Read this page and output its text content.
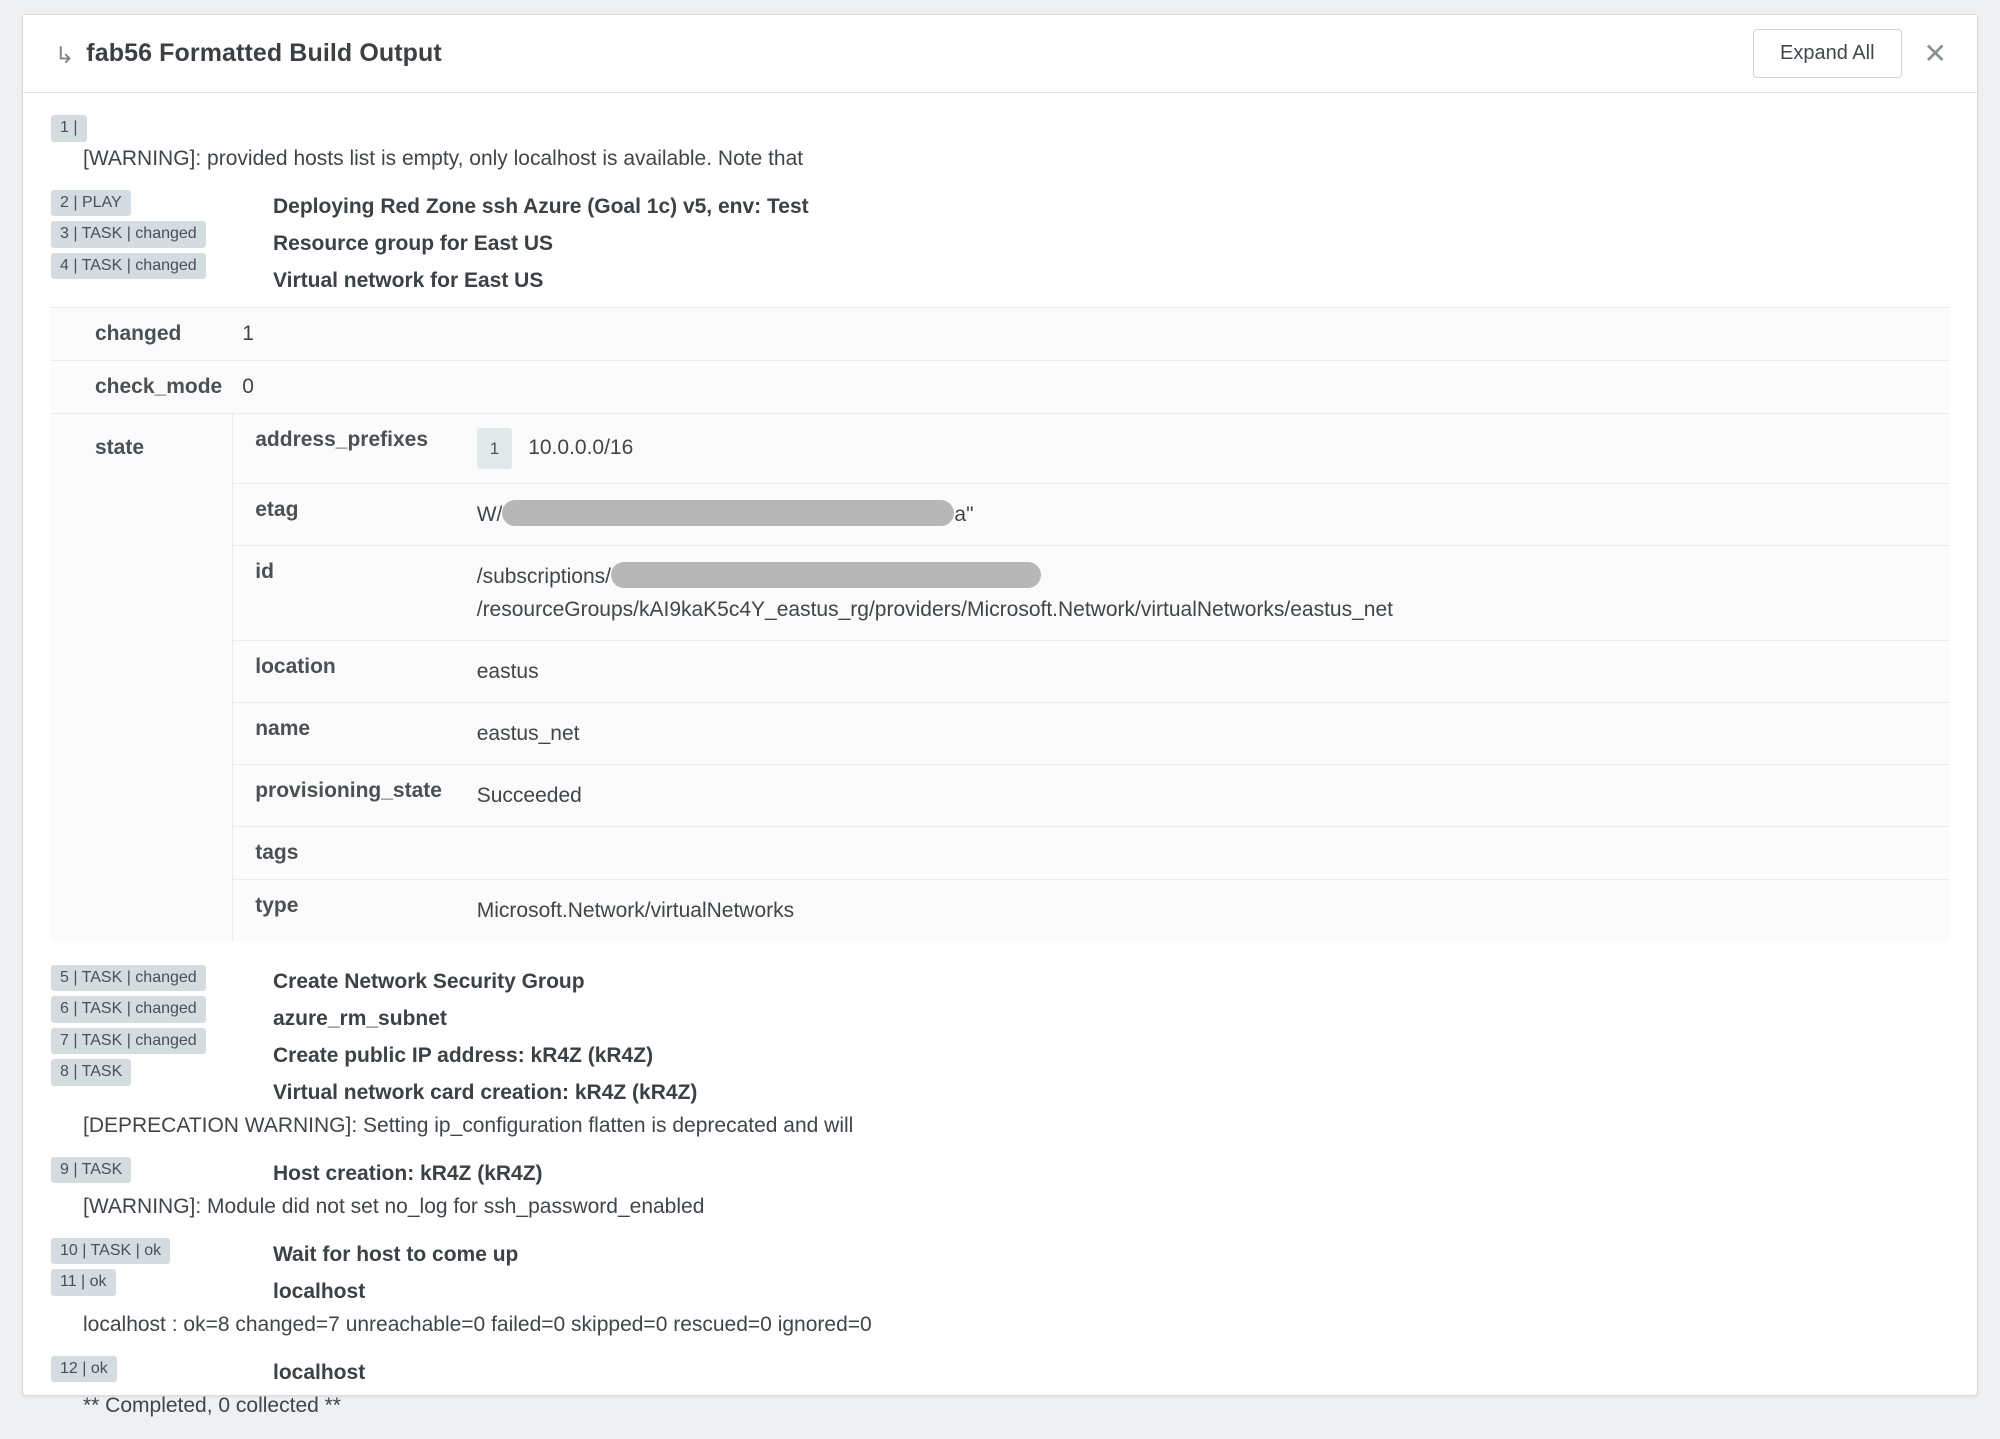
↳ fab56 Formatted Build Output	Expand All	✕
1 |
[WARNING]: provided hosts list is empty, only localhost is available. Note that
2 | PLAY
3 | TASK | changed
4 | TASK | changed
Deploying Red Zone ssh Azure (Goal 1c) v5, env: Test
Resource group for East US
Virtual network for East US
changed	1
check_mode	0
state		address_prefixes	1 10.0.0.0/16
etag	W/	a"
id	/subscriptions//resourceGroups/kAI9kaK5c4Y_eastus_rg/providers/Microsoft.Network/virtualNetworks/eastus_net
location	eastus
name	eastus_net
provisioning_state	Succeeded
tags	
type	Microsoft.Network/virtualNetworks
5 | TASK | changed
6 | TASK | changed
7 | TASK | changed
8 | TASK
Create Network Security Group
azure_rm_subnet
Create public IP address: kR4Z (kR4Z)
Virtual network card creation: kR4Z (kR4Z)
[DEPRECATION WARNING]: Setting ip_configuration flatten is deprecated and will
9 | TASK	Host creation: kR4Z (kR4Z)
[WARNING]: Module did not set no_log for ssh_password_enabled
10 | TASK | ok
11 | ok
Wait for host to come up
localhost
localhost : ok=8 changed=7 unreachable=0 failed=0 skipped=0 rescued=0 ignored=0
12 | ok	localhost
** Completed, 0 collected **
